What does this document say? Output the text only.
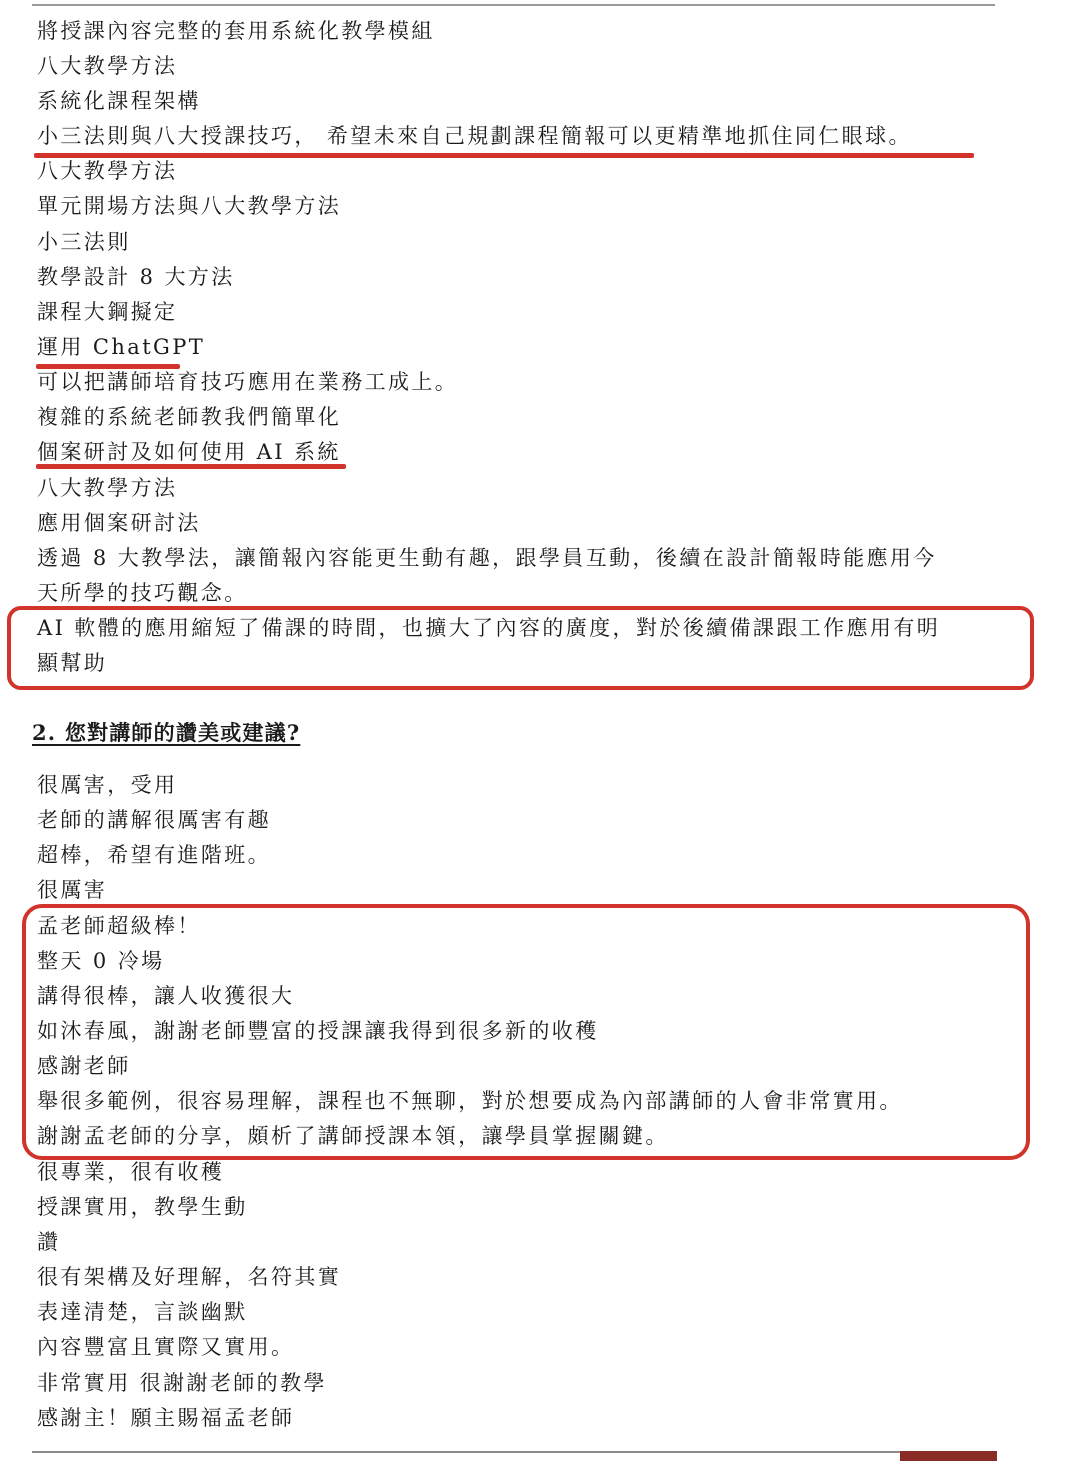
將授課內容完整的套用系統化教學模組
八大教學方法
系統化課程架構
小三法則與八大授課技巧， 希望未來自己規劃課程簡報可以更精準地抓住同仁眼球。
八大教學方法
單元開場方法與八大教學方法
小三法則
教學設計 8 大方法
課程大鋼擬定
運用 ChatGPT
可以把講師培育技巧應用在業務工成上。
複雜的系統老師教我們簡單化
個案研討及如何使用 AI 系統
八大教學方法
應用個案研討法
透過 8 大教學法，讓簡報內容能更生動有趣，跟學員互動，後續在設計簡報時能應用今
天所學的技巧觀念。
AI 軟體的應用縮短了備課的時間，也擴大了內容的廣度，對於後續備課跟工作應用有明
顯幫助
2. 您對講師的讚美或建議?
很厲害，受用
老師的講解很厲害有趣
超棒，希望有進階班。
很厲害
孟老師超級棒！
整天 0 冷場
講得很棒，讓人收獲很大
如沐春風，謝謝老師豐富的授課讓我得到很多新的收穫
感謝老師
舉很多範例，很容易理解，課程也不無聊，對於想要成為內部講師的人會非常實用。
謝謝孟老師的分享，頗析了講師授課本領，讓學員掌握關鍵。
很專業，很有收穫
授課實用，教學生動
讚
很有架構及好理解，名符其實
表達清楚，言談幽默
內容豐富且實際又實用。
非常實用 很謝謝老師的教學
感謝主！願主賜福孟老師
